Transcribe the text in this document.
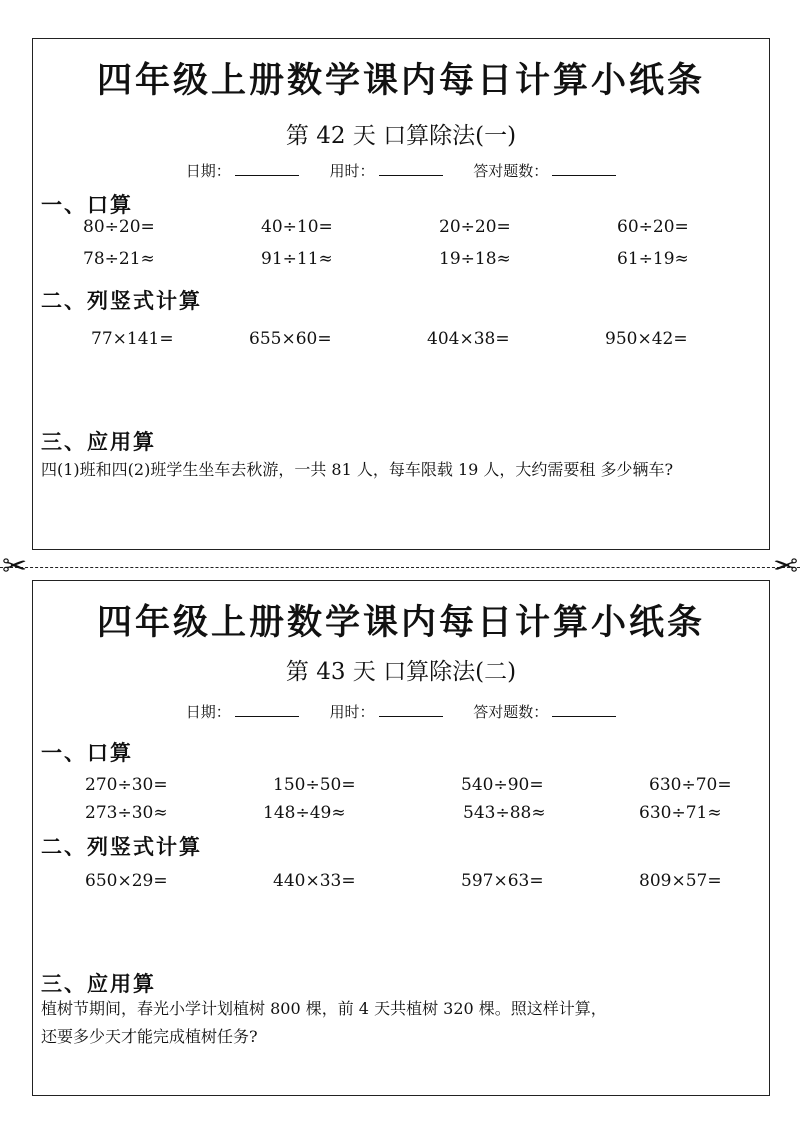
四年级上册数学课内每日计算小纸条
第 42 天 口算除法(一)
日期：	用时：	答对题数：
一、口算
80÷20=	40÷10=	20÷20=	60÷20=
78÷21≈	91÷11≈	19÷18≈	61÷19≈
二、列竖式计算
77×141=	655×60=	404×38=	950×42=
三、应用算
四(1)班和四(2)班学生坐车去秋游，一共 81 人，每车限载 19 人，大约需要租 多少辆车?
✂	✂
四年级上册数学课内每日计算小纸条
第 43 天 口算除法(二)
日期：	用时：	答对题数：
一、口算
270÷30=	150÷50=	540÷90=	630÷70=
273÷30≈	148÷49≈	543÷88≈	630÷71≈
二、列竖式计算
650×29=	440×33=	597×63=	809×57=
三、应用算
植树节期间，春光小学计划植树 800 棵，前 4 天共植树 320 棵。照这样计算，
还要多少天才能完成植树任务?
